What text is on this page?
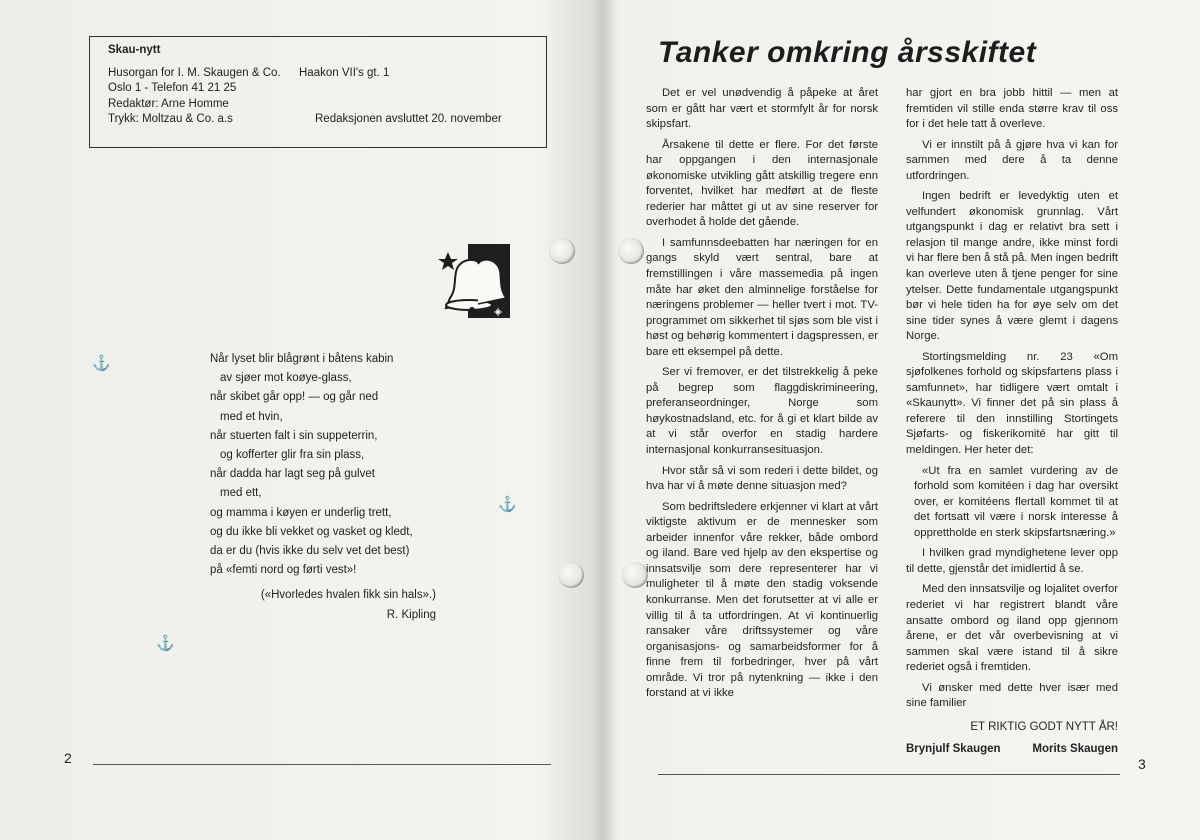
Skau-nytt
Husorgan for I. M. Skaugen & Co. Haakon VII's gt. 1
Oslo 1 - Telefon 41 21 25
Redaktør: Arne Homme
Trykk: Moltzau & Co. a.s	Redaksjonen avsluttet 20. november
⚓
⚓
⚓
Når lyset blir blågrønt i båtens kabin
av sjøer mot koøye-glass,
når skibet går opp! — og går ned
med et hvin,
når stuerten falt i sin suppeterrin,
og kofferter glir fra sin plass,
når dadda har lagt seg på gulvet
med ett,
og mamma i køyen er underlig trett,
og du ikke bli vekket og vasket og kledt,
da er du (hvis ikke du selv vet det best)
på «femti nord og førti vest»!
(«Hvorledes hvalen fikk sin hals».)
R. Kipling
2
Tanker omkring årsskiftet

Det er vel unødvendig å påpeke at året som er gått har vært et stormfylt år for norsk skipsfart.

Årsakene til dette er flere. For det første har oppgangen i den internasjonale økonomiske utvikling gått atskillig tregere enn forventet, hvilket har medført at de fleste rederier har måttet gi ut av sine reserver for overhodet å holde det gående.

I samfunnsdeebatten har næringen for en gangs skyld vært sentral, bare at fremstillingen i våre massemedia på ingen måte har øket den alminnelige forståelse for næringens problemer — heller tvert i mot. TV-programmet om sikkerhet til sjøs som ble vist i høst og behørig kommentert i dagspressen, er bare ett eksempel på dette.

Ser vi fremover, er det tilstrekkelig å peke på begrep som flaggdiskrimineering, preferanseordninger, Norge som høykostnadsland, etc. for å gi et klart bilde av at vi står overfor en stadig hardere internasjonal konkurransesituasjon.

Hvor står så vi som rederi i dette bildet, og hva har vi å møte denne situasjon med?

Som bedriftsledere erkjenner vi klart at vårt viktigste aktivum er de mennesker som arbeider innenfor våre rekker, både ombord og iland. Bare ved hjelp av den ekspertise og innsatsvilje som dere representerer har vi muligheter til å møte den stadig voksende konkurranse. Men det forutsetter at vi alle er villig til å ta utfordringen. At vi kontinuerlig ransaker våre driftssystemer og våre organisasjons- og samarbeidsformer for å finne frem til forbedringer, hver på vårt område. Vi tror på nytenkning — ikke i den forstand at vi ikke

har gjort en bra jobb hittil — men at fremtiden vil stille enda større krav til oss for i det hele tatt å overleve.

Vi er innstilt på å gjøre hva vi kan for sammen med dere å ta denne utfordringen.

Ingen bedrift er levedyktig uten et velfundert økonomisk grunnlag. Vårt utgangspunkt i dag er relativt bra sett i relasjon til mange andre, ikke minst fordi vi har flere ben å stå på. Men ingen bedrift kan overleve uten å tjene penger for sine ytelser. Dette fundamentale utgangspunkt bør vi hele tiden ha for øye selv om det sine tider synes å være glemt i dagens Norge.

Stortingsmelding nr. 23 «Om sjøfolkenes forhold og skipsfartens plass i samfunnet», har tidligere vært omtalt i «Skaunytt». Vi finner det på sin plass å referere til den innstilling Stortingets Sjøfarts- og fiskerikomité har gitt til meldingen. Her heter det:

«Ut fra en samlet vurdering av de forhold som komitéen i dag har oversikt over, er komitéens flertall kommet til at det fortsatt vil være i norsk interesse å opprettholde en sterk skipsfartsnæring.»

I hvilken grad myndighetene lever opp til dette, gjenstår det imidlertid å se.

Med den innsatsvilje og lojalitet overfor rederiet vi har registrert blandt våre ansatte ombord og iland opp gjennom årene, er det vår overbevisning at vi sammen skal være istand til å sikre rederiet også i fremtiden.

Vi ønsker med dette hver især med sine familier

ET RIKTIG GODT NYTT ÅR!
Brynjulf Skaugen	Morits Skaugen
3
